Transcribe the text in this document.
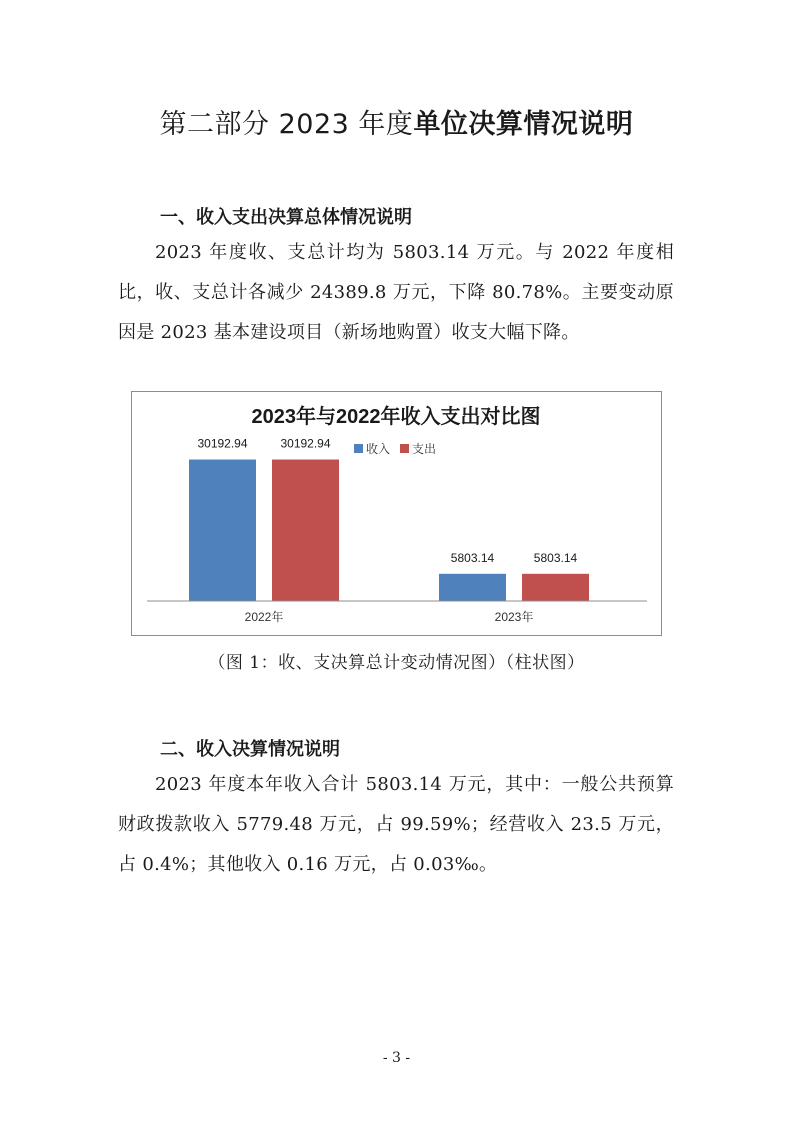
第二部分 2023 年度单位决算情况说明
一、收入支出决算总体情况说明
2023 年度收、支总计均为 5803.14 万元。与 2022 年度相比，收、支总计各减少 24389.8 万元，下降 80.78%。主要变动原因是 2023 基本建设项目（新场地购置）收支大幅下降。
2023年与2022年收入支出对比图
收入 支出
30192.94	30192.94
5803.14	5803.14
2022年	2023年
（图 1：收、支决算总计变动情况图）（柱状图）
二、收入决算情况说明
2023 年度本年收入合计 5803.14 万元，其中：一般公共预算财政拨款收入 5779.48 万元，占 99.59%；经营收入 23.5 万元，占 0.4%；其他收入 0.16 万元，占 0.03‰。
- 3 -
